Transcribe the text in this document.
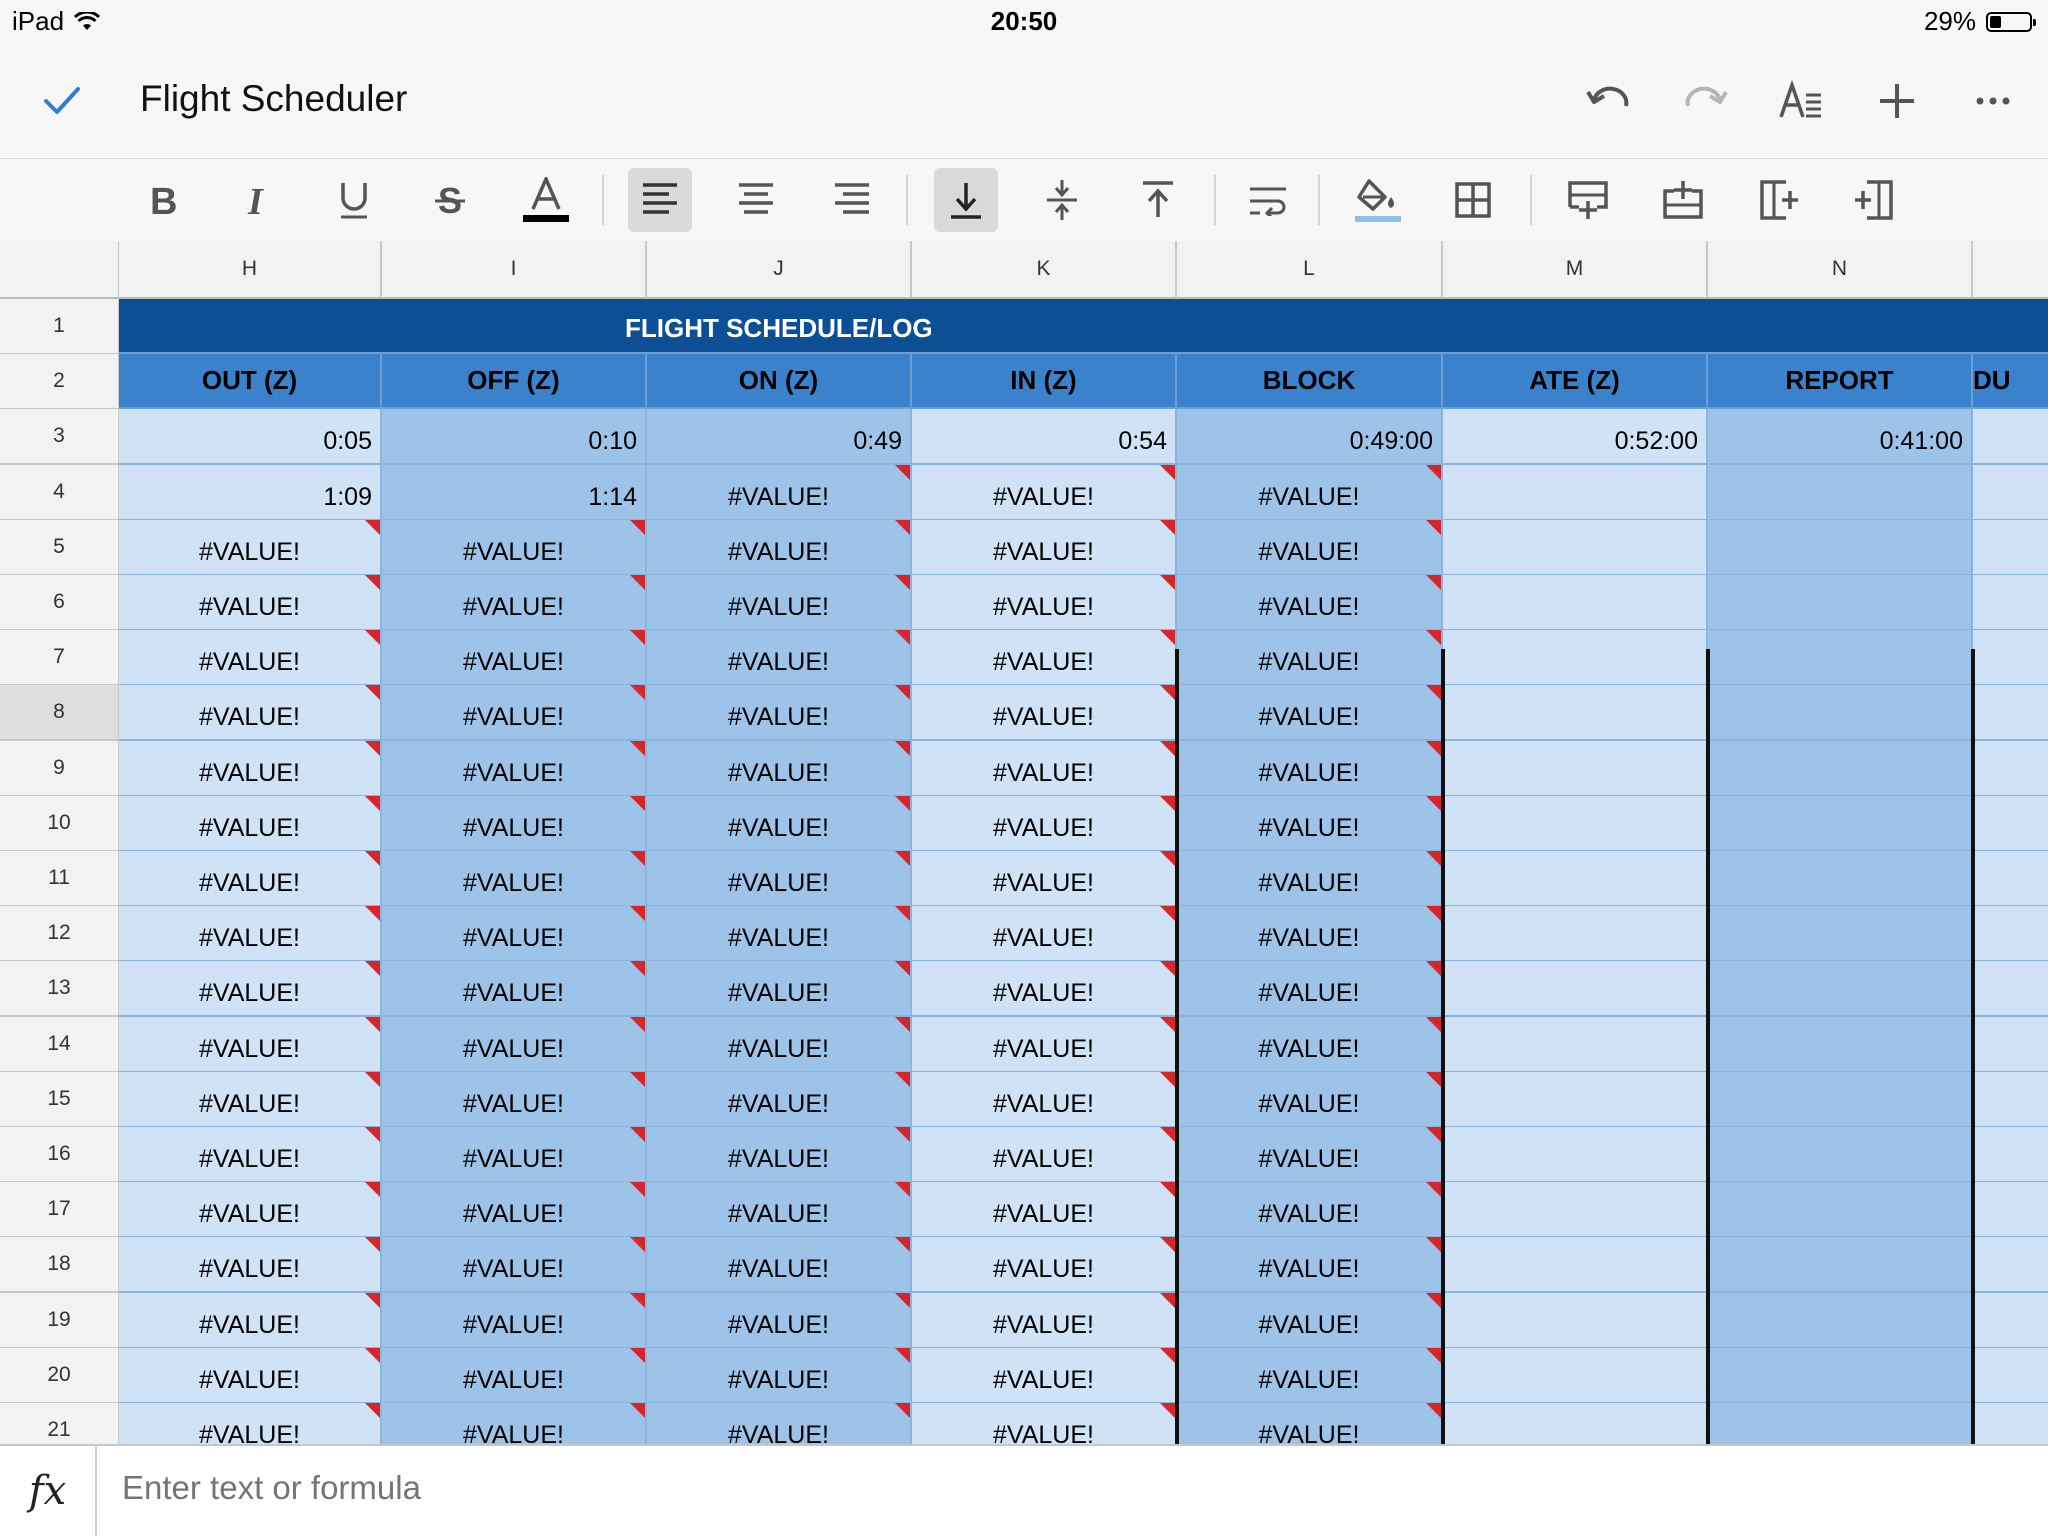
iPad	20:50	29%
Flight Scheduler
B I	S
FLIGHT SCHEDULE/LOG
H	I	J	K	L	M	N
1
2
3
4
5
6
7
8
9
10
11
12
13
14
15
16
17
18
19
20
21
OUT (Z)	OFF (Z)	ON (Z)	IN (Z)	BLOCK	ATE (Z)	REPORT	DU
0:05	0:10	0:49	0:54	0:49:00	0:52:00	0:41:00
1:09	1:14	#VALUE!	#VALUE!	#VALUE!
#VALUE!	#VALUE!	#VALUE!	#VALUE!	#VALUE!
#VALUE!	#VALUE!	#VALUE!	#VALUE!	#VALUE!
#VALUE!	#VALUE!	#VALUE!	#VALUE!	#VALUE!
#VALUE!	#VALUE!	#VALUE!	#VALUE!	#VALUE!
#VALUE!	#VALUE!	#VALUE!	#VALUE!	#VALUE!
#VALUE!	#VALUE!	#VALUE!	#VALUE!	#VALUE!
#VALUE!	#VALUE!	#VALUE!	#VALUE!	#VALUE!
#VALUE!	#VALUE!	#VALUE!	#VALUE!	#VALUE!
#VALUE!	#VALUE!	#VALUE!	#VALUE!	#VALUE!
#VALUE!	#VALUE!	#VALUE!	#VALUE!	#VALUE!
#VALUE!	#VALUE!	#VALUE!	#VALUE!	#VALUE!
#VALUE!	#VALUE!	#VALUE!	#VALUE!	#VALUE!
#VALUE!	#VALUE!	#VALUE!	#VALUE!	#VALUE!
#VALUE!	#VALUE!	#VALUE!	#VALUE!	#VALUE!
#VALUE!	#VALUE!	#VALUE!	#VALUE!	#VALUE!
#VALUE!	#VALUE!	#VALUE!	#VALUE!	#VALUE!
#VALUE!	#VALUE!	#VALUE!	#VALUE!	#VALUE!
fx
Enter text or formula
